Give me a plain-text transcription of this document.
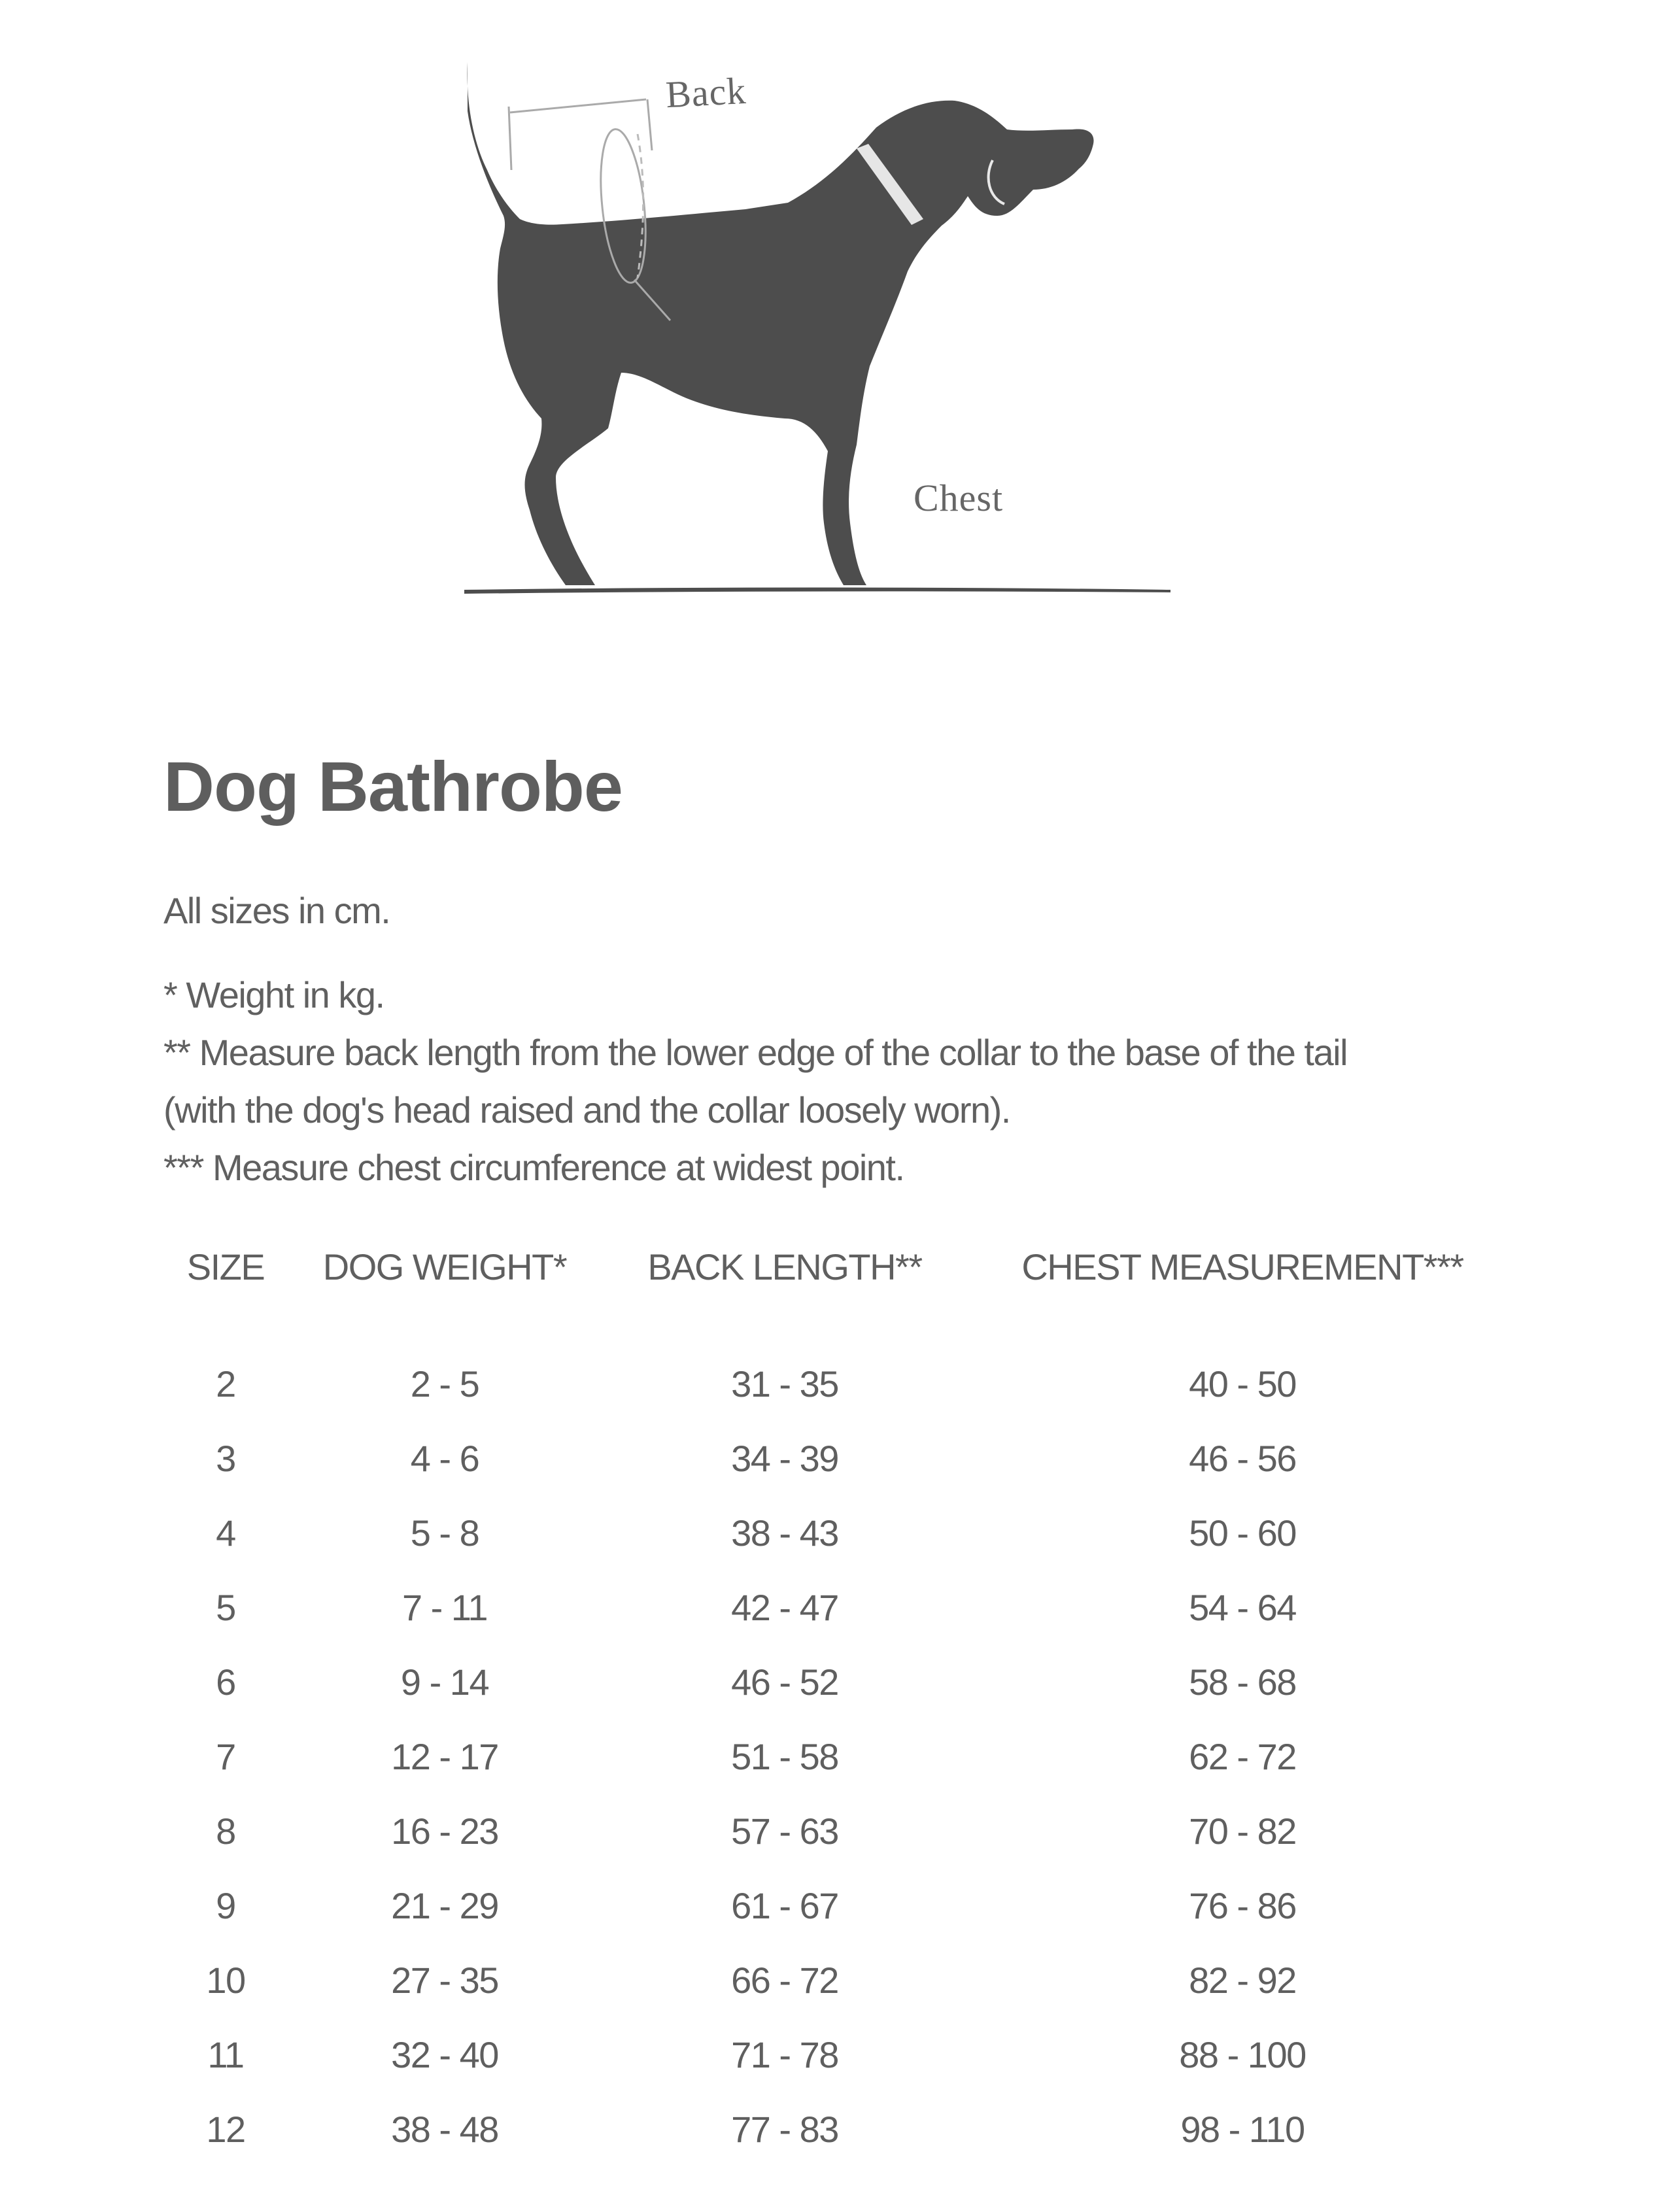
Back
Chest
Dog Bathrobe

All sizes in cm.

* Weight in kg.
** Measure back length from the lower edge of the collar to the base of the tail
(with the dog's head raised and the collar loosely worn).
*** Measure chest circumference at widest point.
SIZE	DOG WEIGHT*	BACK LENGTH**	CHEST MEASUREMENT***
2	2 - 5	31 - 35	40 - 50
3	4 - 6	34 - 39	46 - 56
4	5 - 8	38 - 43	50 - 60
5	7 - 11	42 - 47	54 - 64
6	9 - 14	46 - 52	58 - 68
7	12 - 17	51 - 58	62 - 72
8	16 - 23	57 - 63	70 - 82
9	21 - 29	61 - 67	76 - 86
10	27 - 35	66 - 72	82 - 92
11	32 - 40	71 - 78	88 - 100
12	38 - 48	77 - 83	98 - 110
